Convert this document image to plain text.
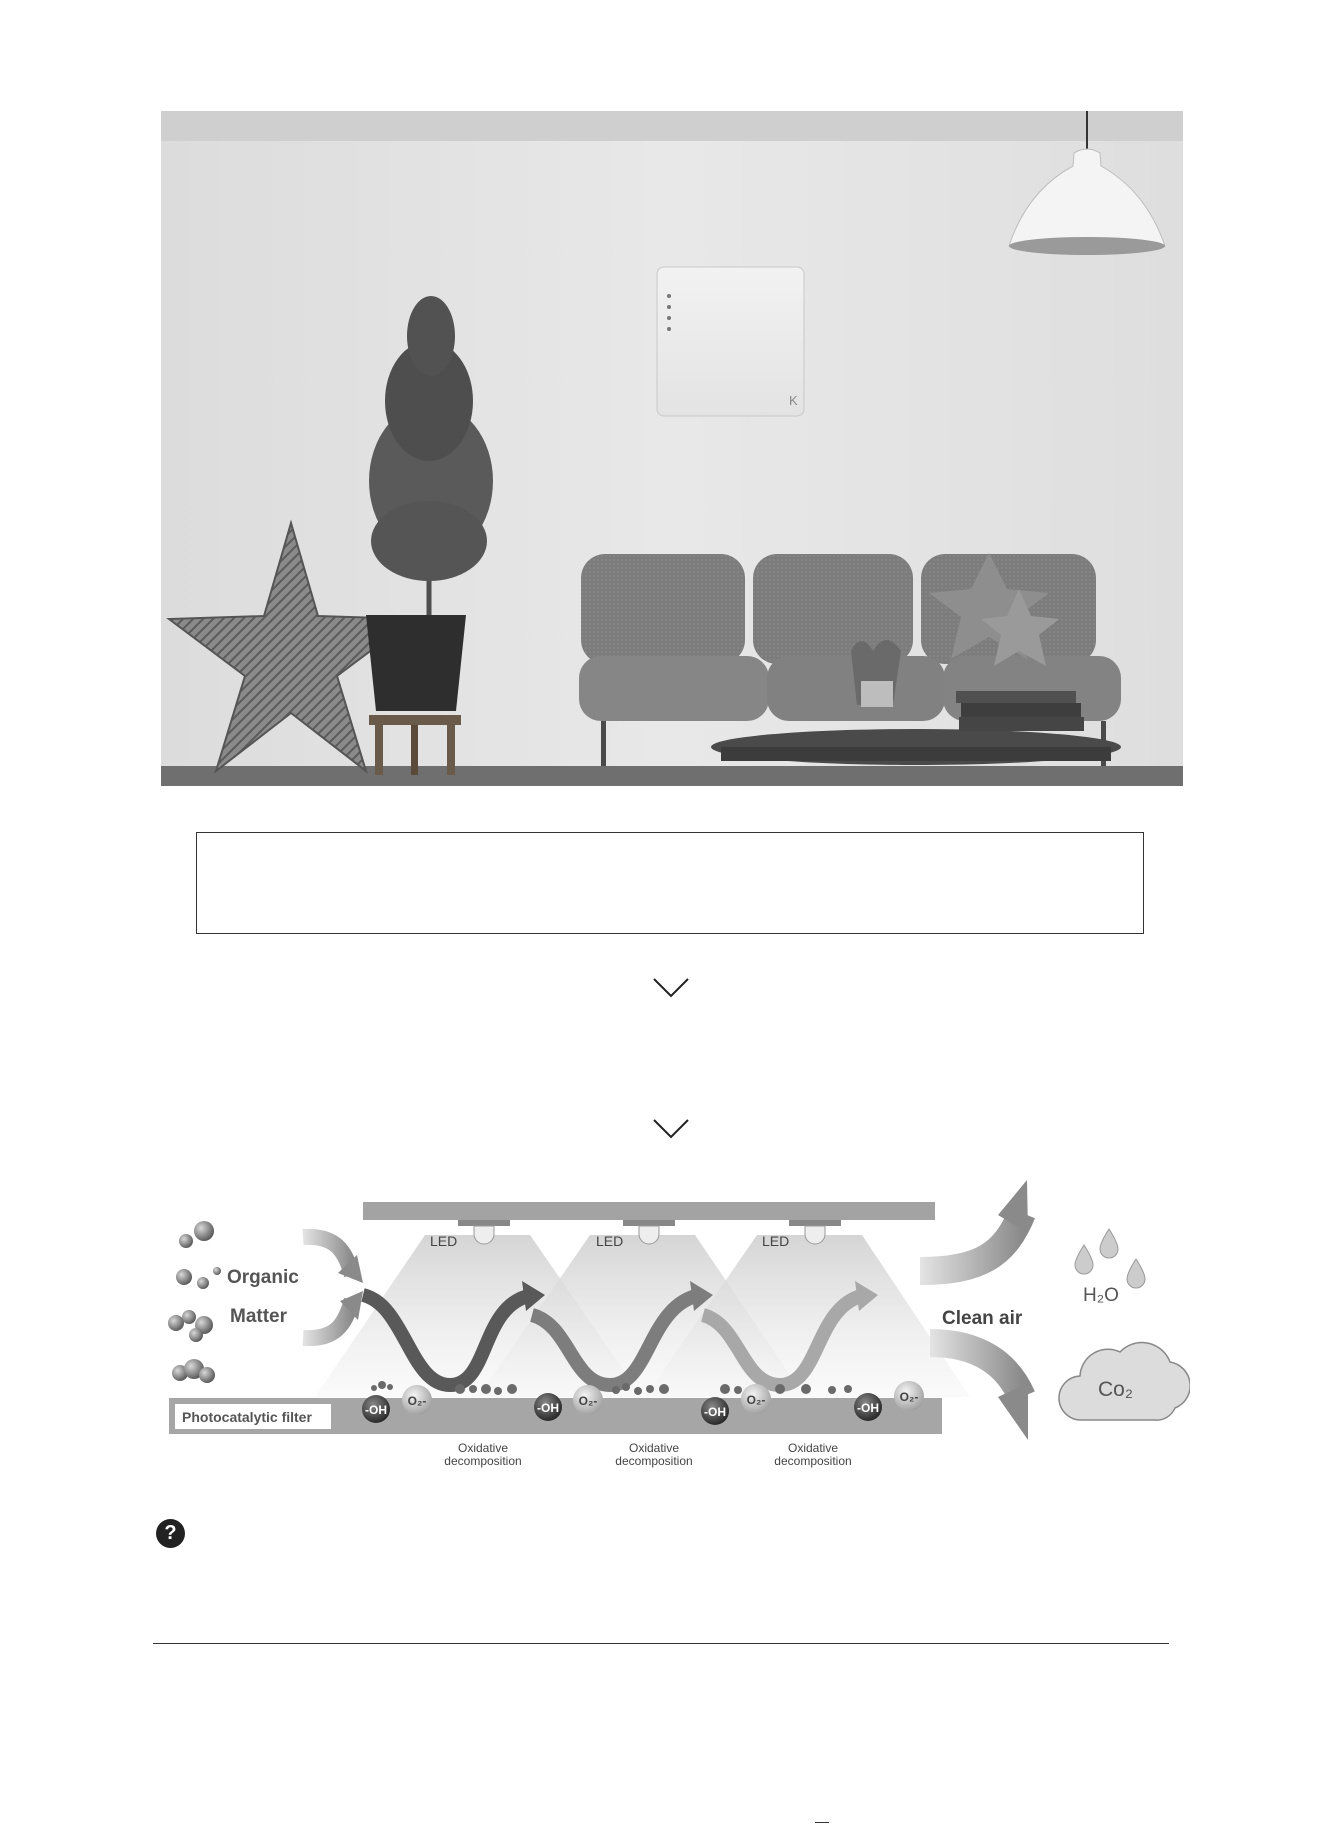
K
LED	LED	LED
Organic
Matter
Photocatalytic filter	-OH
O₂-	-OH O₂-
-OH
O₂-
-OH
O₂-
Oxidative
decomposition
Oxidative
decomposition
Oxidative
decomposition
Clean air
H₂O
Co₂
?
